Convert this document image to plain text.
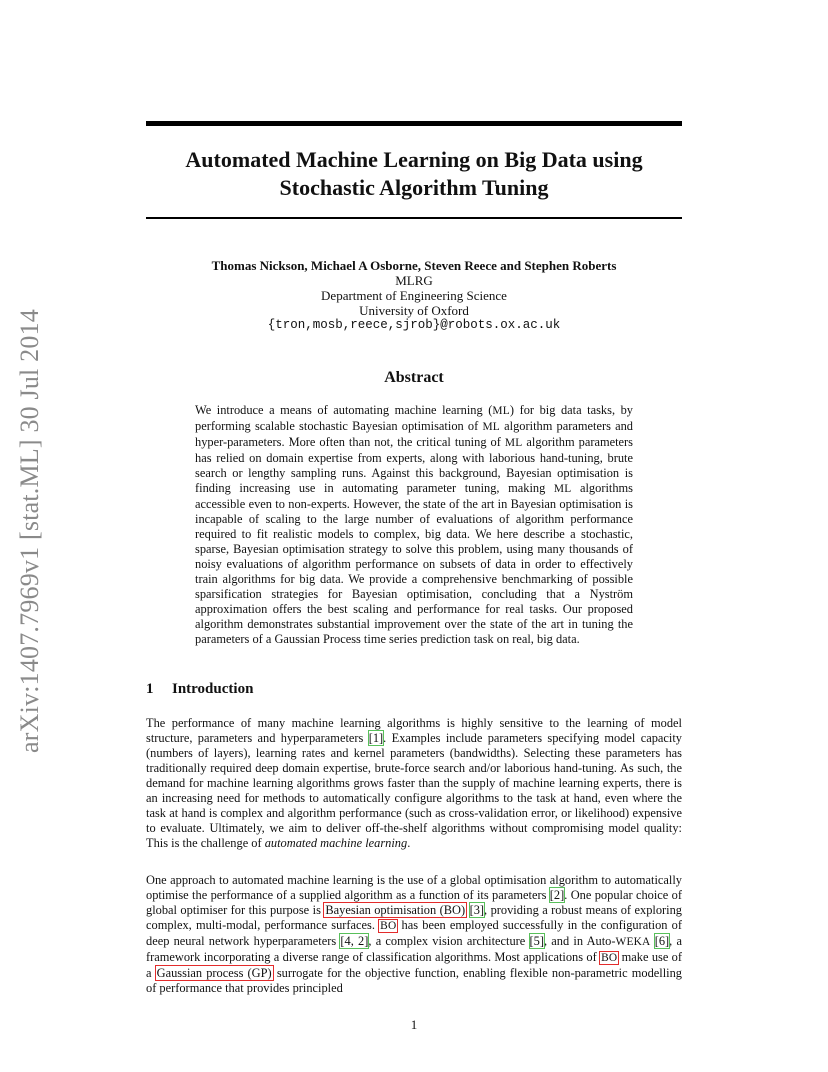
arXiv:1407.7969v1 [stat.ML] 30 Jul 2014
Automated Machine Learning on Big Data using
Stochastic Algorithm Tuning
Thomas Nickson, Michael A Osborne, Steven Reece and Stephen Roberts
MLRG
Department of Engineering Science
University of Oxford
{tron,mosb,reece,sjrob}@robots.ox.ac.uk
Abstract

We introduce a means of automating machine learning (ML) for big data tasks, by performing scalable stochastic Bayesian optimisation of ML algorithm parameters and hyper-parameters. More often than not, the critical tuning of ML algorithm parameters has relied on domain expertise from experts, along with laborious hand-tuning, brute search or lengthy sampling runs. Against this background, Bayesian optimisation is finding increasing use in automating parameter tuning, making ML algorithms accessible even to non-experts. However, the state of the art in Bayesian optimisation is incapable of scaling to the large number of evaluations of algorithm performance required to fit realistic models to complex, big data. We here describe a stochastic, sparse, Bayesian optimisation strategy to solve this problem, using many thousands of noisy evaluations of algorithm performance on subsets of data in order to effectively train algorithms for big data. We provide a comprehensive benchmarking of possible sparsification strategies for Bayesian optimisation, concluding that a Nyström approximation offers the best scaling and performance for real tasks. Our proposed algorithm demonstrates substantial improvement over the state of the art in tuning the parameters of a Gaussian Process time series prediction task on real, big data.

1 Introduction

The performance of many machine learning algorithms is highly sensitive to the learning of model structure, parameters and hyperparameters [1]. Examples include parameters specifying model capacity (numbers of layers), learning rates and kernel parameters (bandwidths). Selecting these parameters has traditionally required deep domain expertise, brute-force search and/or laborious hand-tuning. As such, the demand for machine learning algorithms grows faster than the supply of machine learning experts, there is an increasing need for methods to automatically configure algorithms to the task at hand, even where the task at hand is complex and algorithm performance (such as cross-validation error, or likelihood) expensive to evaluate. Ultimately, we aim to deliver off-the-shelf algorithms without compromising model quality: This is the challenge of automated machine learning.

One approach to automated machine learning is the use of a global optimisation algorithm to automatically optimise the performance of a supplied algorithm as a function of its parameters [2]. One popular choice of global optimiser for this purpose is Bayesian optimisation (BO) [3], providing a robust means of exploring complex, multi-modal, performance surfaces. BO has been employed successfully in the configuration of deep neural network hyperparameters [4, 2], a complex vision architecture [5], and in Auto-WEKA [6], a framework incorporating a diverse range of classification algorithms. Most applications of BO make use of a Gaussian process (GP) surrogate for the objective function, enabling flexible non-parametric modelling of performance that provides principled

1
